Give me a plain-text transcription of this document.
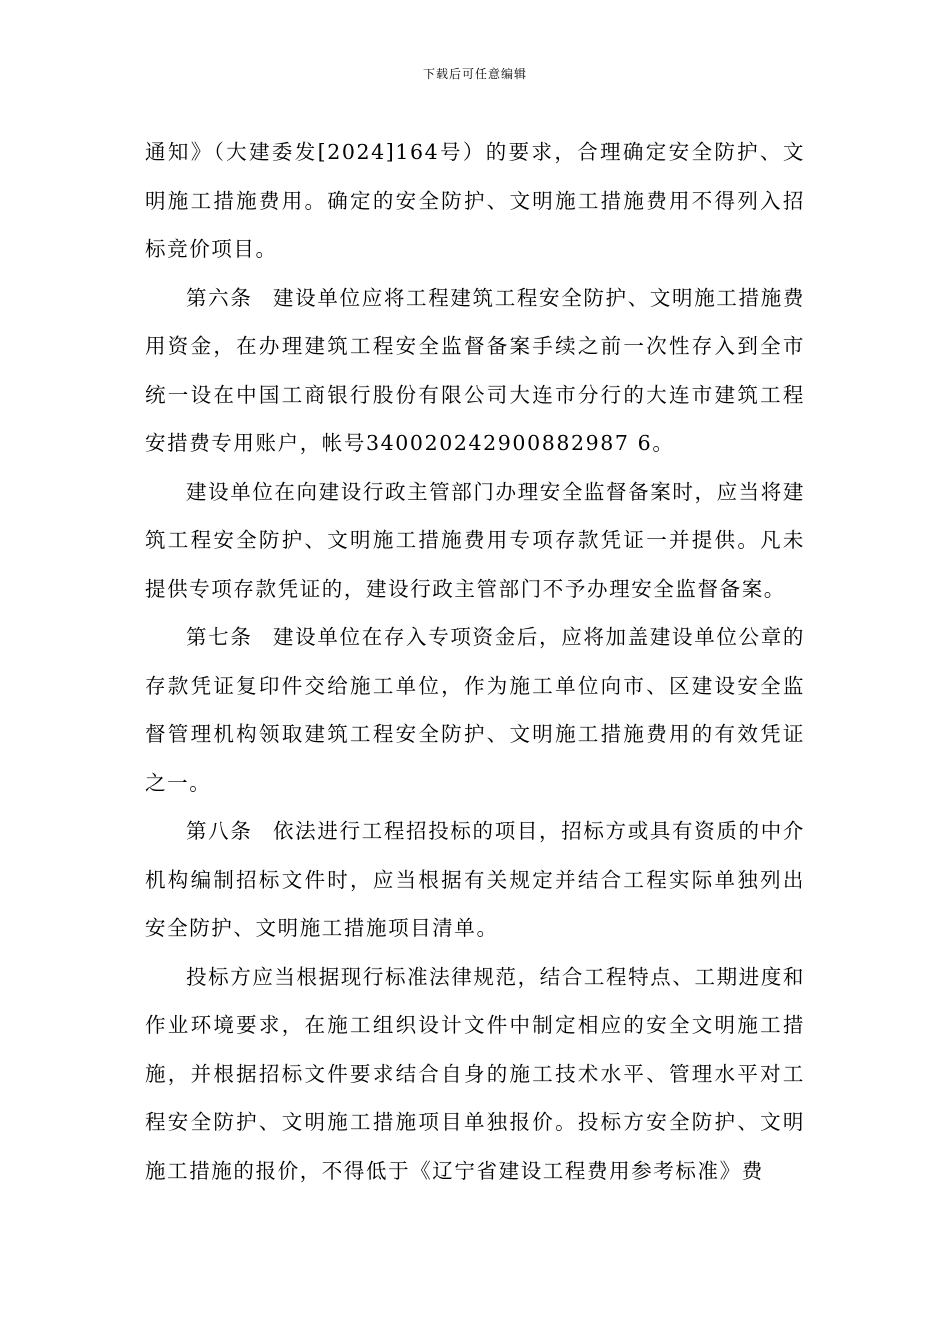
下载后可任意编辑

通知》（大建委发[2024]164号）的要求，合理确定安全防护、文明施工措施费用。确定的安全防护、文明施工措施费用不得列入招标竞价项目。

第六条 建设单位应将工程建筑工程安全防护、文明施工措施费用资金，在办理建筑工程安全监督备案手续之前一次性存入到全市统一设在中国工商银行股份有限公司大连市分行的大连市建筑工程安措费专用账户，帐号340020242900882987 6。

建设单位在向建设行政主管部门办理安全监督备案时，应当将建筑工程安全防护、文明施工措施费用专项存款凭证一并提供。凡未提供专项存款凭证的，建设行政主管部门不予办理安全监督备案。

第七条 建设单位在存入专项资金后，应将加盖建设单位公章的存款凭证复印件交给施工单位，作为施工单位向市、区建设安全监督管理机构领取建筑工程安全防护、文明施工措施费用的有效凭证之一。

第八条 依法进行工程招投标的项目，招标方或具有资质的中介机构编制招标文件时，应当根据有关规定并结合工程实际单独列出安全防护、文明施工措施项目清单。

投标方应当根据现行标准法律规范，结合工程特点、工期进度和作业环境要求，在施工组织设计文件中制定相应的安全文明施工措施，并根据招标文件要求结合自身的施工技术水平、管理水平对工程安全防护、文明施工措施项目单独报价。投标方安全防护、文明施工措施的报价，不得低于《辽宁省建设工程费用参考标准》费
